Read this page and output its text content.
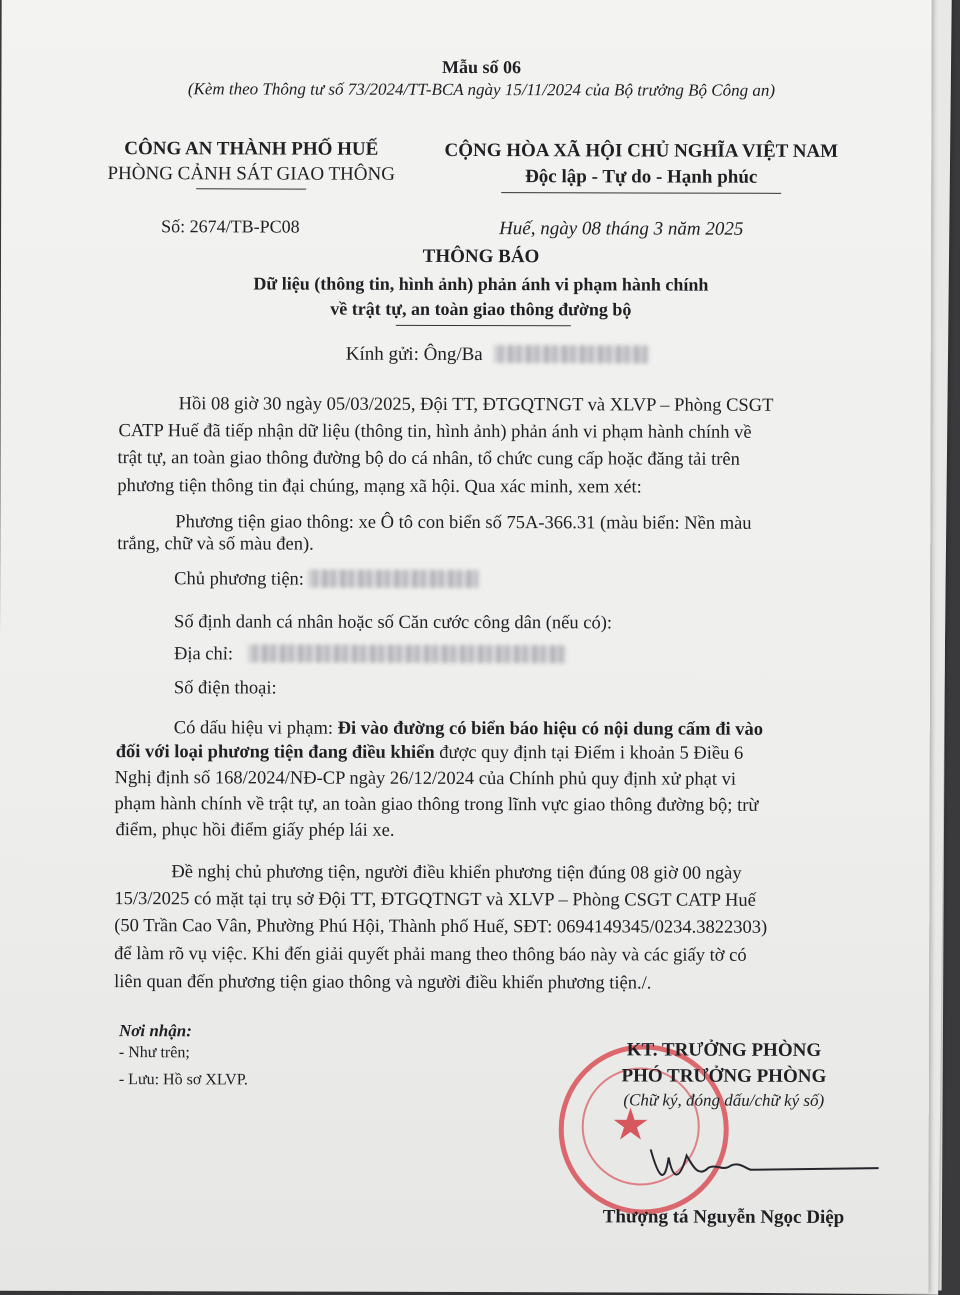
Mẫu số 06
(Kèm theo Thông tư số 73/2024/TT-BCA ngày 15/11/2024 của Bộ trưởng Bộ Công an)
CÔNG AN THÀNH PHỐ HUẾ
PHÒNG CẢNH SÁT GIAO THÔNG
CỘNG HÒA XÃ HỘI CHỦ NGHĨA VIỆT NAM
Độc lập - Tự do - Hạnh phúc
Số: 2674/TB-PC08	Huế, ngày 08 tháng 3 năm 2025
THÔNG BÁO
Dữ liệu (thông tin, hình ảnh) phản ánh vi phạm hành chính
về trật tự, an toàn giao thông đường bộ
Kính gửi: Ông/Ba
Hồi 08 giờ 30 ngày 05/03/2025, Đội TT, ĐTGQTNGT và XLVP – Phòng CSGT
CATP Huế đã tiếp nhận dữ liệu (thông tin, hình ảnh) phản ánh vi phạm hành chính về
trật tự, an toàn giao thông đường bộ do cá nhân, tổ chức cung cấp hoặc đăng tải trên
phương tiện thông tin đại chúng, mạng xã hội. Qua xác minh, xem xét:
Phương tiện giao thông: xe Ô tô con biển số 75A-366.31 (màu biển: Nền màu
trắng, chữ và số màu đen).
Chủ phương tiện:
Số định danh cá nhân hoặc số Căn cước công dân (nếu có):
Địa chỉ:
Số điện thoại:
Có dấu hiệu vi phạm: Đi vào đường có biển báo hiệu có nội dung cấm đi vào
đối với loại phương tiện đang điều khiển được quy định tại Điểm i khoản 5 Điều 6
Nghị định số 168/2024/NĐ-CP ngày 26/12/2024 của Chính phủ quy định xử phạt vi
phạm hành chính về trật tự, an toàn giao thông trong lĩnh vực giao thông đường bộ; trừ
điểm, phục hồi điểm giấy phép lái xe.
Đề nghị chủ phương tiện, người điều khiển phương tiện đúng 08 giờ 00 ngày
15/3/2025 có mặt tại trụ sở Đội TT, ĐTGQTNGT và XLVP – Phòng CSGT CATP Huế
(50 Trần Cao Vân, Phường Phú Hội, Thành phố Huế, SĐT: 0694149345/0234.3822303)
để làm rõ vụ việc. Khi đến giải quyết phải mang theo thông báo này và các giấy tờ có
liên quan đến phương tiện giao thông và người điều khiển phương tiện./.
Nơi nhận:
- Như trên;
- Lưu: Hồ sơ XLVP.
★
KT. TRƯỞNG PHÒNG
PHÓ TRƯỞNG PHÒNG
(Chữ ký, đóng dấu/chữ ký số)
Thượng tá Nguyễn Ngọc Diệp
